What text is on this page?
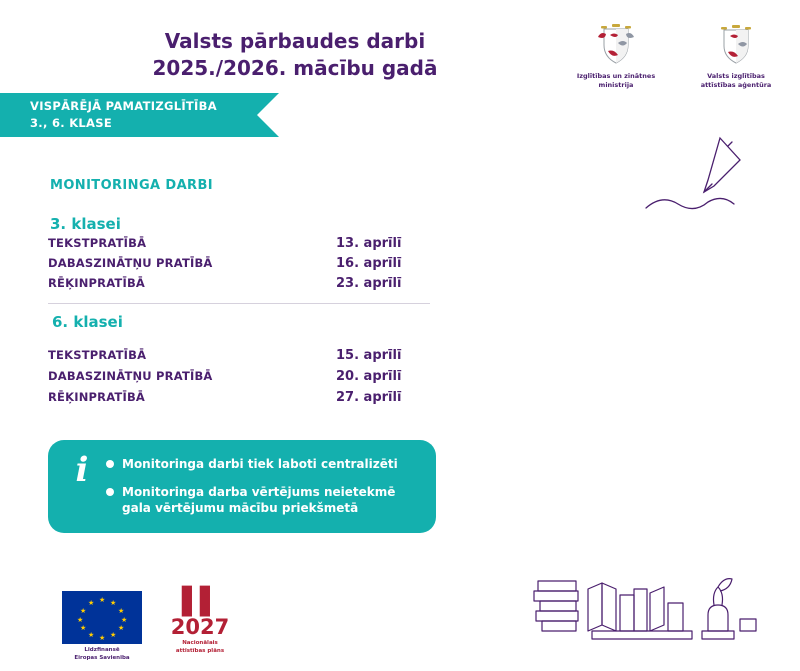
Valsts pārbaudes darbi
2025./2026. mācību gadā	Izglītības un zinātnes
ministrija
Valsts izglītības
attīstības aģentūra
VISPĀRĒJĀ PAMATIZGLĪTĪBA
3., 6. KLASE
MONITORINGA DARBI
3. klasei
TEKSTPRATĪBĀ	13. aprīlī
DABASZINĀTŅU PRATĪBĀ	16. aprīlī
RĒĶINPRATĪBĀ	23. aprīlī
6. klasei
TEKSTPRATĪBĀ	15. aprīlī
DABASZINĀTŅU PRATĪBĀ	20. aprīlī
RĒĶINPRATĪBĀ	27. aprīlī
i	Monitoringa darbi tiek laboti centralizēti
Monitoringa darba vērtējums neietekmē gala vērtējumu mācību priekšmetā
★ ★
★
★
★
★
★
★
★
★
★
★
Līdzfinansē
Eiropas Savienība
▌▌
2027
Nacionālais
attīstības plāns
